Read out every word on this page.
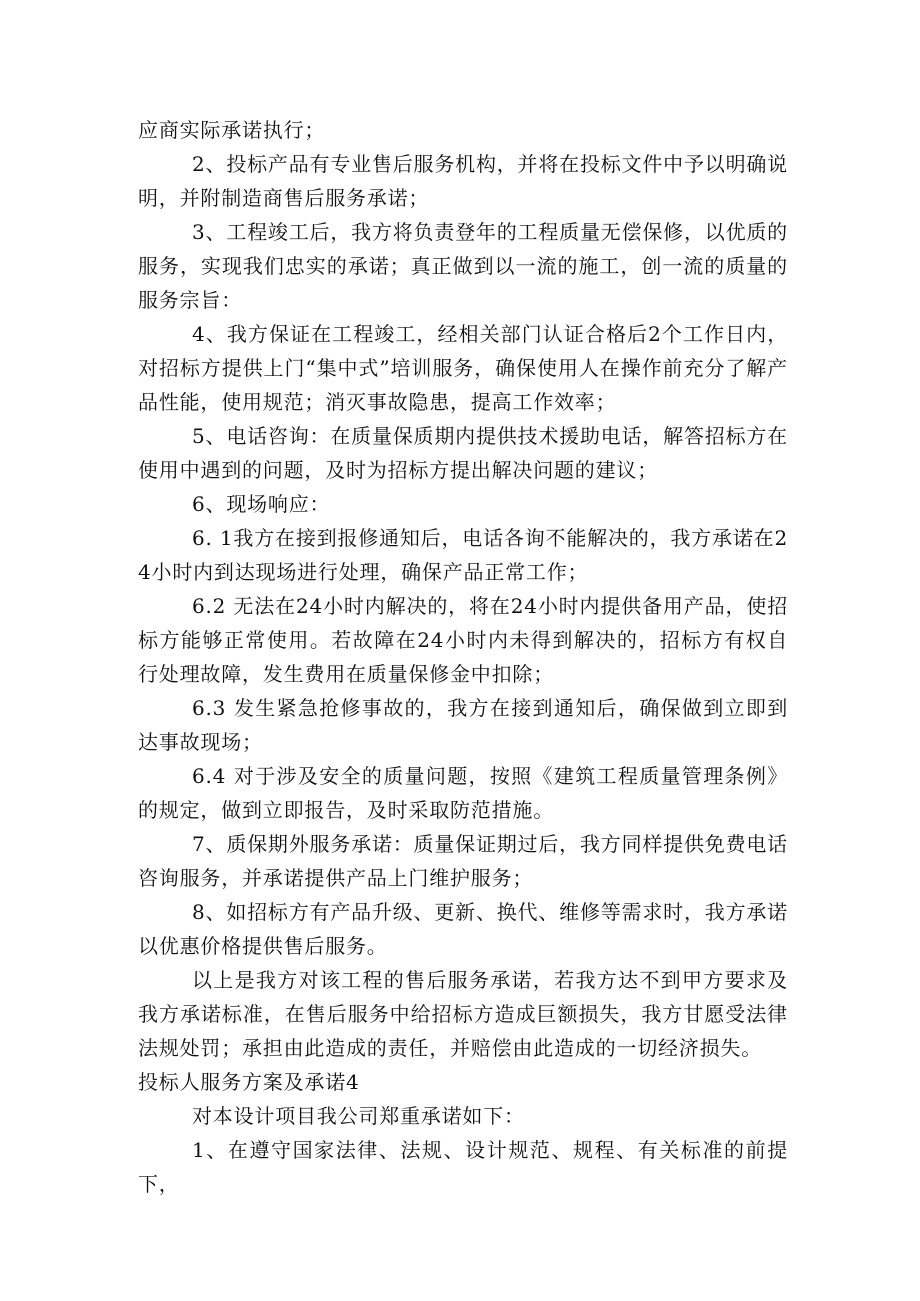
应商实际承诺执行；

2、投标产品有专业售后服务机构，并将在投标文件中予以明确说明，并附制造商售后服务承诺；

3、工程竣工后，我方将负责登年的工程质量无偿保修，以优质的服务，实现我们忠实的承诺；真正做到以一流的施工，创一流的质量的服务宗旨：

4、我方保证在工程竣工，经相关部门认证合格后2个工作日内，对招标方提供上门“集中式”培训服务，确保使用人在操作前充分了解产品性能，使用规范；消灭事故隐患，提高工作效率；

5、电话咨询：在质量保质期内提供技术援助电话，解答招标方在使用中遇到的问题，及时为招标方提出解决问题的建议；

6、现场响应：

6. 1我方在接到报修通知后，电话各询不能解决的，我方承诺在24小时内到达现场进行处理，确保产品正常工作；

6.2 无法在24小时内解决的，将在24小时内提供备用产品，使招标方能够正常使用。若故障在24小时内未得到解决的，招标方有权自行处理故障，发生费用在质量保修金中扣除；

6.3 发生紧急抢修事故的，我方在接到通知后，确保做到立即到达事故现场；

6.4 对于涉及安全的质量问题，按照《建筑工程质量管理条例》的规定，做到立即报告，及时采取防范措施。

7、质保期外服务承诺：质量保证期过后，我方同样提供免费电话咨询服务，并承诺提供产品上门维护服务；

8、如招标方有产品升级、更新、换代、维修等需求时，我方承诺以优惠价格提供售后服务。

以上是我方对该工程的售后服务承诺，若我方达不到甲方要求及我方承诺标准，在售后服务中给招标方造成巨额损失，我方甘愿受法律法规处罚；承担由此造成的责任，并赔偿由此造成的一切经济损失。

投标人服务方案及承诺4

对本设计项目我公司郑重承诺如下：

1、在遵守国家法律、法规、设计规范、规程、有关标准的前提下，
